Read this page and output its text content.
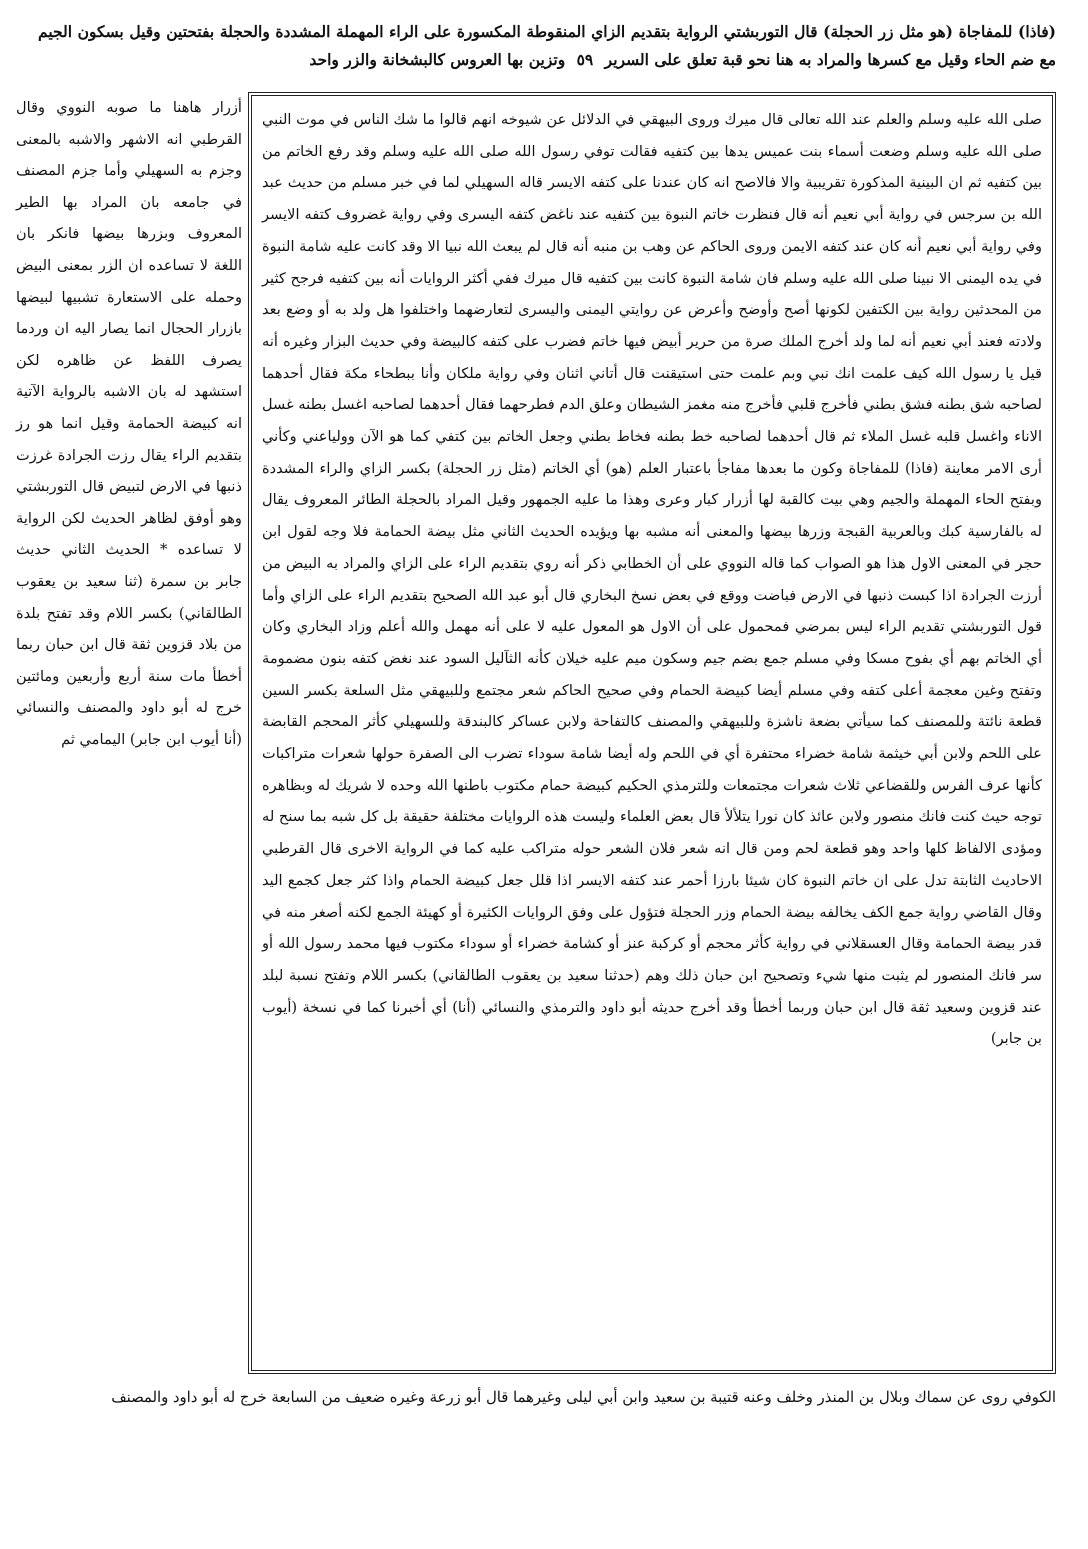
(فاذا) للمفاجاة (هو مثل زر الحجلة) قال التوربشتي الرواية بتقديم الزاي المنقوطة المكسورة على الراء المهملة المشددة والحجلة بفتحتين وقيل بسكون الجيم مع ضم الحاء وقيل مع كسرها والمراد به هنا نحو قبة تعلق على السرير ٥٩ وتزين بها العروس كالبشخانة والزر واحد

صلى الله عليه وسلم والعلم عند الله تعالى قال ميرك وروى البيهقي في الدلائل عن شيوخه انهم قالوا ما شك الناس في موت النبي صلى الله عليه وسلم وضعت أسماء بنت عميس يدها بين كتفيه فقالت توفي رسول الله صلى الله عليه وسلم وقد رفع الخاتم من بين كتفيه ثم ان البينية المذكورة تقريبية والا فالاصح انه كان عندنا على كتفه الايسر قاله السهيلي لما في خبر مسلم من حديث عبد الله بن سرجس في رواية أبي نعيم أنه قال فنظرت خاتم النبوة بين كتفيه عند ناغض كتفه اليسرى وفي رواية غضروف كتفه الايسر وفي رواية أبي نعيم أنه كان عند كتفه الايمن وروى الحاكم عن وهب بن منبه أنه قال لم يبعث الله نبيا الا وقد كانت عليه شامة النبوة في يده اليمنى الا نبينا صلى الله عليه وسلم فان شامة النبوة كانت بين كتفيه قال ميرك ففي أكثر الروايات أنه بين كتفيه فرجح كثير من المحدثين رواية بين الكتفين لكونها أصح وأوضح وأعرض عن روايتي اليمنى واليسرى لتعارضهما واختلفوا هل ولد به أو وضع بعد ولادته فعند أبي نعيم أنه لما ولد أخرج الملك صرة من حرير أبيض فيها خاتم فضرب على كتفه كالبيضة وفي حديث البزار وغيره أنه قيل يا رسول الله كيف علمت انك نبي وبم علمت حتى استيقنت قال أتاني اثنان وفي رواية ملكان وأنا ببطحاء مكة فقال أحدهما لصاحبه شق بطنه فشق بطني فأخرج قلبي فأخرج منه مغمز الشيطان وعلق الدم فطرحهما فقال أحدهما لصاحبه اغسل بطنه غسل الاناء واغسل قلبه غسل الملاء ثم قال أحدهما لصاحبه خط بطنه فخاط بطني وجعل الخاتم بين كتفي كما هو الآن وولياعني وكأني أرى الامر معاينة (فاذا) للمفاجاة وكون ما بعدها مفاجأ باعتبار العلم (هو) أي الخاتم (مثل زر الحجلة) بكسر الزاي والراء المشددة وبفتح الحاء المهملة والجيم وهي بيت كالقبة لها أزرار كبار وعرى وهذا ما عليه الجمهور وقيل المراد بالحجلة الطائر المعروف يقال له بالفارسية كبك وبالعربية القبجة وزرها بيضها والمعنى أنه مشبه بها ويؤيده الحديث الثاني مثل بيضة الحمامة فلا وجه لقول ابن حجر في المعنى الاول هذا هو الصواب كما قاله النووي على أن الخطابي ذكر أنه روي بتقديم الراء على الزاي والمراد به البيض من أرزت الجرادة اذا كبست ذنبها في الارض فباضت ووقع في بعض نسخ البخاري قال أبو عبد الله الصحيح بتقديم الراء على الزاي وأما قول التوربشتي تقديم الراء ليس بمرضي فمحمول على أن الاول هو المعول عليه لا على أنه مهمل والله أعلم وزاد البخاري وكان أي الخاتم بهم أي بفوح مسكا وفي مسلم جمع بضم جيم وسكون ميم عليه خيلان كأنه الثآليل السود عند نغض كتفه بنون مضمومة وتفتح وغين معجمة أعلى كتفه وفي مسلم أيضا كبيضة الحمام وفي صحيح الحاكم شعر مجتمع وللبيهقي مثل السلعة بكسر السين قطعة نائتة وللمصنف كما سيأتي بضعة ناشزة وللبيهقي والمصنف كالتفاحة ولابن عساكر كالبندقة وللسهيلي كأثر المحجم القابضة على اللحم ولابن أبي خيثمة شامة خضراء محتفرة أي في اللحم وله أيضا شامة سوداء تضرب الى الصفرة حولها شعرات متراكبات كأنها عرف الفرس وللقضاعي ثلاث شعرات مجتمعات وللترمذي الحكيم كبيضة حمام مكتوب باطنها الله وحده لا شريك له وبظاهره توجه حيث كنت فانك منصور ولابن عائذ كان نورا يتلألأ قال بعض العلماء وليست هذه الروايات مختلفة حقيقة بل كل شبه بما سنح له ومؤدى الالفاظ كلها واحد وهو قطعة لحم ومن قال انه شعر فلان الشعر حوله متراكب عليه كما في الرواية الاخرى قال القرطبي الاحاديث الثابتة تدل على ان خاتم النبوة كان شيئا بارزا أحمر عند كتفه الايسر اذا قلل جعل كبيضة الحمام واذا كثر جعل كجمع اليد وقال القاضي رواية جمع الكف يخالفه بيضة الحمام وزر الحجلة فتؤول على وفق الروايات الكثيرة أو كهيئة الجمع لكنه أصغر منه في قدر بيضة الحمامة وقال العسقلاني في رواية كأثر محجم أو كركبة عنز أو كشامة خضراء أو سوداء مكتوب فيها محمد رسول الله أو سر فانك المنصور لم يثبت منها شيء وتصحيح ابن حبان ذلك وهم (حدثنا سعيد بن يعقوب الطالقاني) بكسر اللام وتفتح نسبة لبلد عند قزوين وسعيد ثقة قال ابن حبان وربما أخطأ وقد أخرج حديثه أبو داود والترمذي والنسائي (أنا) أي أخبرنا كما في نسخة (أيوب بن جابر)

أزرار هاهنا ما صوبه النووي وقال القرطبي انه الاشهر والاشبه بالمعنى وجزم به السهيلي وأما جزم المصنف في جامعه بان المراد بها الطير المعروف وبزرها بيضها فانكر بان اللغة لا تساعده ان الزر بمعنى البيض وحمله على الاستعارة تشبيها لبيضها بازرار الحجال انما يصار اليه ان وردما يصرف اللفظ عن ظاهره لكن استشهد له بان الاشبه بالرواية الآتية انه كبيضة الحمامة وقيل انما هو رز بتقديم الراء يقال رزت الجرادة غرزت ذنبها في الارض لتبيض قال التوربشتي وهو أوفق لظاهر الحديث لكن الرواية لا تساعده * الحديث الثاني حديث جابر بن سمرة (ثنا سعيد بن يعقوب الطالقاني) بكسر اللام وقد تفتح بلدة من بلاد قزوين ثقة قال ابن حبان ربما أخطأ مات سنة أربع وأربعين ومائتين خرج له أبو داود والمصنف والنسائي (أنا أيوب ابن جابر) اليمامي ثم

الكوفي روى عن سماك وبلال بن المنذر وخلف وعنه قتيبة بن سعيد وابن أبي ليلى وغيرهما قال أبو زرعة وغيره ضعيف من السابعة خرج له أبو داود والمصنف
